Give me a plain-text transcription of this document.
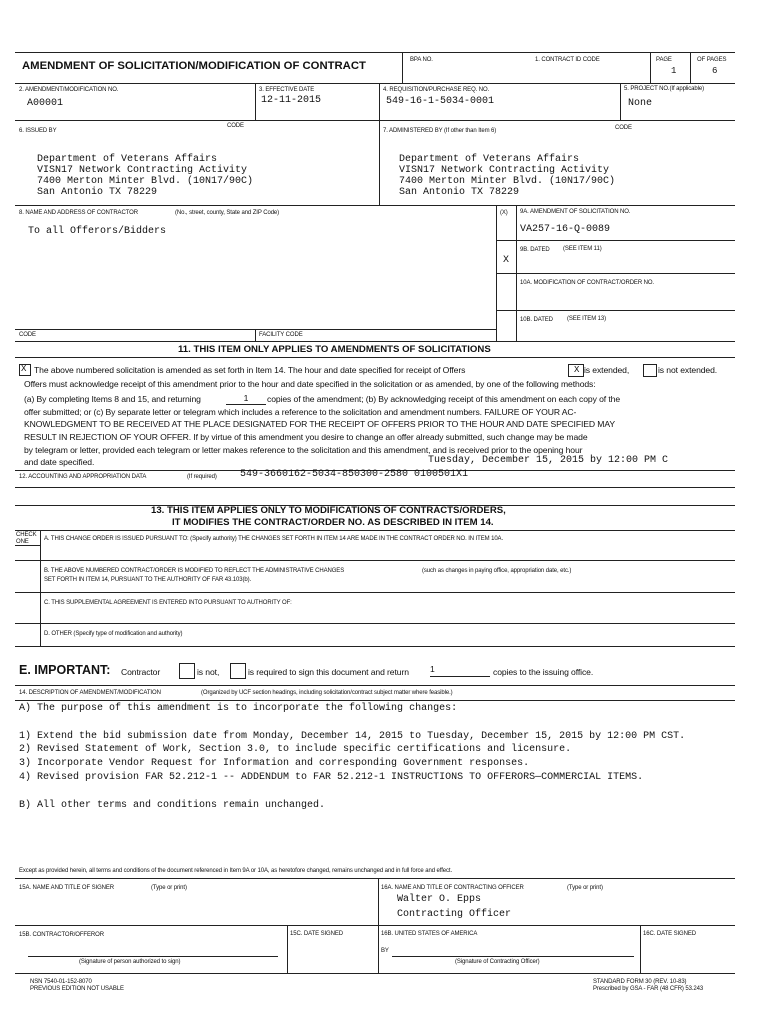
AMENDMENT OF SOLICITATION/MODIFICATION OF CONTRACT	BPA NO.	1. CONTRACT ID CODE	PAGE	OF PAGES
1	6
2. AMENDMENT/MODIFICATION NO.
A00001
3. EFFECTIVE DATE
12-11-2015
4. REQUISITION/PURCHASE REQ. NO.
549-16-1-5034-0001
5. PROJECT NO.(If applicable)
None
6. ISSUED BY
CODE
7. ADMINISTERED BY (If other than Item 6)	CODE
Department of Veterans Affairs
VISN17 Network Contracting Activity
7400 Merton Minter Blvd. (10N17/90C)
San Antonio TX 78229
Department of Veterans Affairs
VISN17 Network Contracting Activity
7400 Merton Minter Blvd. (10N17/90C)
San Antonio TX 78229
8. NAME AND ADDRESS OF CONTRACTOR	(No., street, county, State and ZIP Code)
To all Offerors/Bidders
CODE	FACILITY CODE
(X) 9A. AMENDMENT OF SOLICITATION NO.
VA257-16-Q-0089
9B. DATED (SEE ITEM 11)
X
10A. MODIFICATION OF CONTRACT/ORDER NO.
10B. DATED (SEE ITEM 13)
11. THIS ITEM ONLY APPLIES TO AMENDMENTS OF SOLICITATIONS
X The above numbered solicitation is amended as set forth in Item 14. The hour and date specified for receipt of Offers	X is extended,	is not extended.
Offers must acknowledge receipt of this amendment prior to the hour and date specified in the solicitation or as amended, by one of the following methods:
(a) By completing Items 8 and 15, and returning	1	copies of the amendment; (b) By acknowledging receipt of this amendment on each copy of the
offer submitted; or (c) By separate letter or telegram which includes a reference to the solicitation and amendment numbers. FAILURE OF YOUR AC-
KNOWLEDGMENT TO BE RECEIVED AT THE PLACE DESIGNATED FOR THE RECEIPT OF OFFERS PRIOR TO THE HOUR AND DATE SPECIFIED MAY
RESULT IN REJECTION OF YOUR OFFER. If by virtue of this amendment you desire to change an offer already submitted, such change may be made
by telegram or letter, provided each telegram or letter makes reference to the solicitation and this amendment, and is received prior to the opening hour
and date specified.	Tuesday, December 15, 2015 by 12:00 PM C
12. ACCOUNTING AND APPROPRIATION DATA	(If required) 549-3660162-5034-850300-2580 0100501X1
13. THIS ITEM APPLIES ONLY TO MODIFICATIONS OF CONTRACTS/ORDERS,
IT MODIFIES THE CONTRACT/ORDER NO. AS DESCRIBED IN ITEM 14.
CHECK
ONE	A. THIS CHANGE ORDER IS ISSUED PURSUANT TO: (Specify authority) THE CHANGES SET FORTH IN ITEM 14 ARE MADE IN THE CONTRACT ORDER NO. IN ITEM 10A.
B. THE ABOVE NUMBERED CONTRACT/ORDER IS MODIFIED TO REFLECT THE ADMINISTRATIVE CHANGES	(such as changes in paying office, appropriation date, etc.)
SET FORTH IN ITEM 14, PURSUANT TO THE AUTHORITY OF FAR 43.103(b).
C. THIS SUPPLEMENTAL AGREEMENT IS ENTERED INTO PURSUANT TO AUTHORITY OF:
D. OTHER (Specify type of modification and authority)
E. IMPORTANT: Contractor	is not,	is required to sign this document and return 1	copies to the issuing office.
14. DESCRIPTION OF AMENDMENT/MODIFICATION	(Organized by UCF section headings, including solicitation/contract subject matter where feasible.)
A) The purpose of this amendment is to incorporate the following changes:
1) Extend the bid submission date from Monday, December 14, 2015 to Tuesday, December 15, 2015 by 12:00 PM CST.
2) Revised Statement of Work, Section 3.0, to include specific certifications and licensure.
3) Incorporate Vendor Request for Information and corresponding Government responses.
4) Revised provision FAR 52.212-1 -- ADDENDUM to FAR 52.212-1 INSTRUCTIONS TO OFFERORS—COMMERCIAL ITEMS.
B) All other terms and conditions remain unchanged.
Except as provided herein, all terms and conditions of the document referenced in Item 9A or 10A, as heretofore changed, remains unchanged and in full force and effect.
15A. NAME AND TITLE OF SIGNER	(Type or print)	16A. NAME AND TITLE OF CONTRACTING OFFICER	(Type or print)
Walter O. Epps
Contracting Officer
15B. CONTRACTOR/OFFEROR	15C. DATE SIGNED	16B. UNITED STATES OF AMERICA	16C. DATE SIGNED
BY
(Signature of person authorized to sign)	(Signature of Contracting Officer)
NSN 7540-01-152-8070
PREVIOUS EDITION NOT USABLE
STANDARD FORM 30 (REV. 10-83)
Prescribed by GSA - FAR (48 CFR) 53.243
